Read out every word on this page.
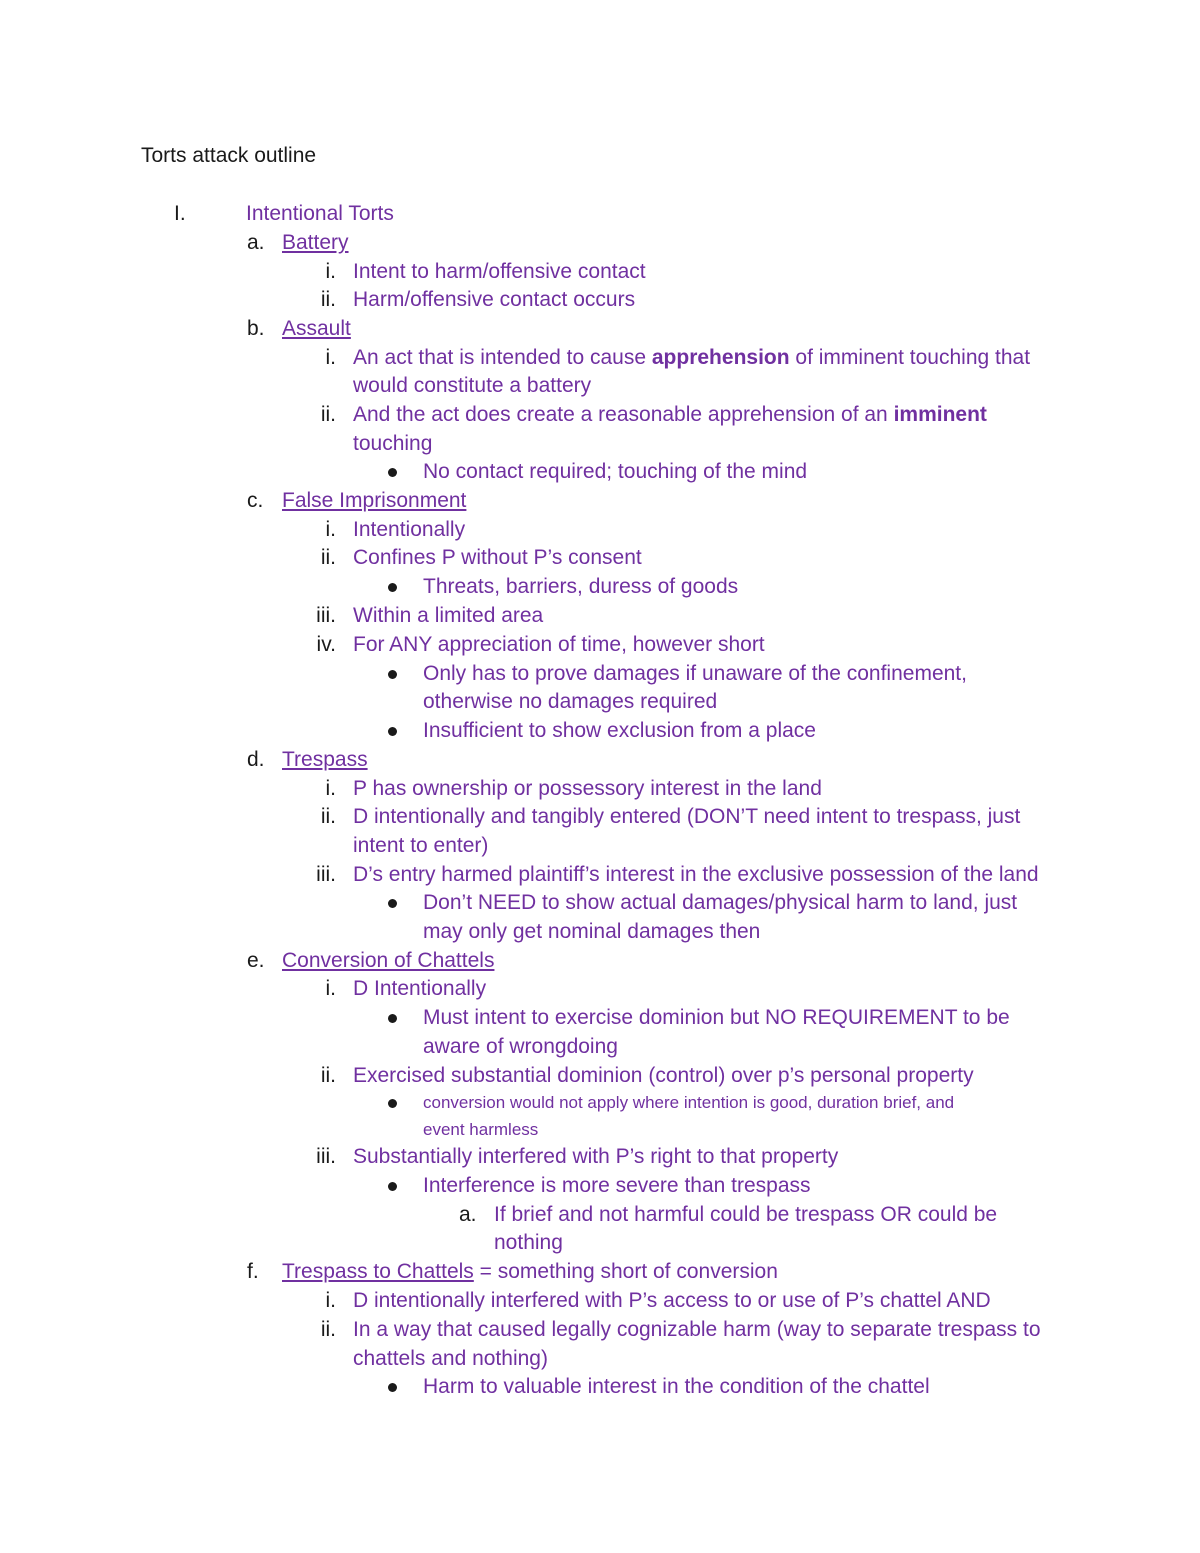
Torts attack outline
I.	Intentional Torts
a. Battery
i. Intent to harm/offensive contact
ii. Harm/offensive contact occurs
b. Assault
i. An act that is intended to cause apprehension of imminent touching that
would constitute a battery
ii. And the act does create a reasonable apprehension of an imminent
touching
No contact required; touching of the mind
c. False Imprisonment
i. Intentionally
ii. Confines P without P’s consent
Threats, barriers, duress of goods
iii. Within a limited area
iv. For ANY appreciation of time, however short
Only has to prove damages if unaware of the confinement,
otherwise no damages required
Insufficient to show exclusion from a place
d. Trespass
i. P has ownership or possessory interest in the land
ii. D intentionally and tangibly entered (DON’T need intent to trespass, just
intent to enter)
iii. D’s entry harmed plaintiff’s interest in the exclusive possession of the land
Don’t NEED to show actual damages/physical harm to land, just
may only get nominal damages then
e. Conversion of Chattels
i. D Intentionally
Must intent to exercise dominion but NO REQUIREMENT to be
aware of wrongdoing
ii. Exercised substantial dominion (control) over p’s personal property
conversion would not apply where intention is good, duration brief, and
event harmless
iii. Substantially interfered with P’s right to that property
Interference is more severe than trespass
a. If brief and not harmful could be trespass OR could be
nothing
f. Trespass to Chattels = something short of conversion
i. D intentionally interfered with P’s access to or use of P’s chattel AND
ii. In a way that caused legally cognizable harm (way to separate trespass to
chattels and nothing)
Harm to valuable interest in the condition of the chattel
